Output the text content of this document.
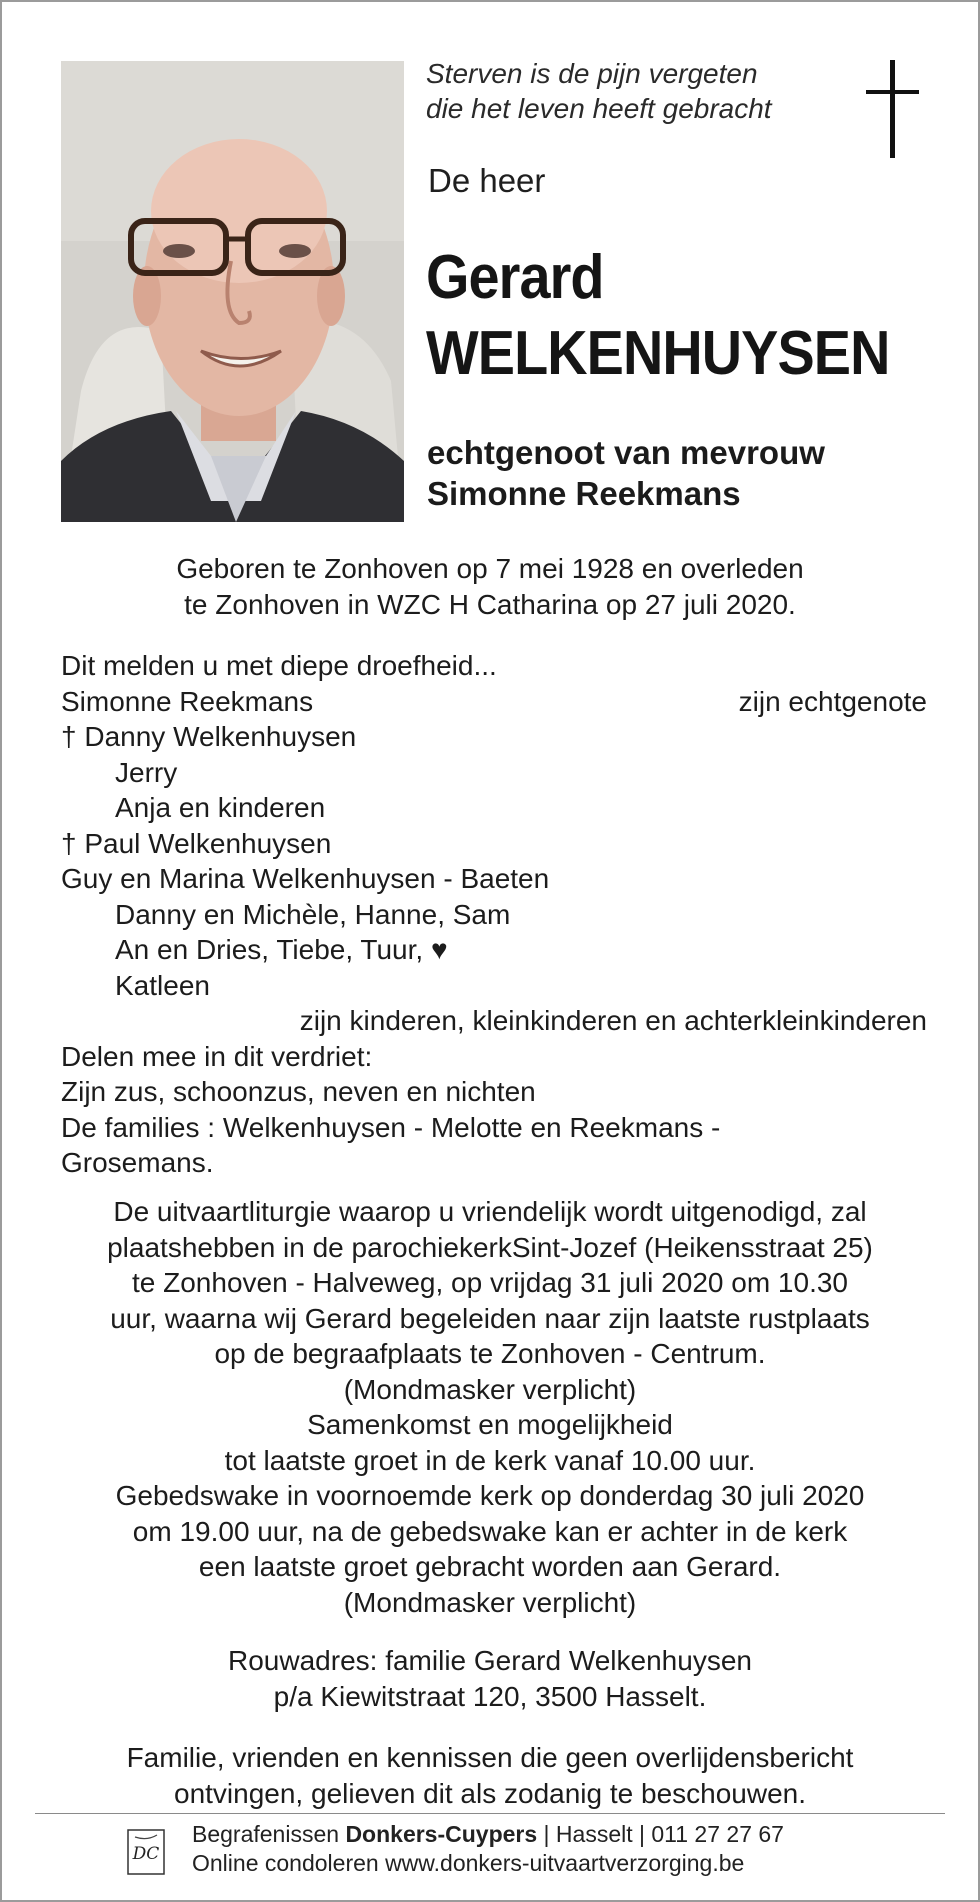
Sterven is de pijn vergeten
die het leven heeft gebracht
De heer
Gerard
WELKENHUYSEN
echtgenoot van mevrouw
Simonne Reekmans
Geboren te Zonhoven op 7 mei 1928 en overleden
te Zonhoven in WZC H Catharina op 27 juli 2020.
Dit melden u met diepe droefheid...
Simonne Reekmans	zijn echtgenote
† Danny Welkenhuysen
Jerry
Anja en kinderen
† Paul Welkenhuysen
Guy en Marina Welkenhuysen - Baeten
Danny en Michèle, Hanne, Sam
An en Dries, Tiebe, Tuur, ♥
Katleen
zijn kinderen, kleinkinderen en achterkleinkinderen
Delen mee in dit verdriet:
Zijn zus, schoonzus, neven en nichten
De families : Welkenhuysen - Melotte en Reekmans -
Grosemans.
De uitvaartliturgie waarop u vriendelijk wordt uitgenodigd, zal
plaatshebben in de parochiekerkSint-Jozef (Heikensstraat 25)
te Zonhoven - Halveweg, op vrijdag 31 juli 2020 om 10.30
uur, waarna wij Gerard begeleiden naar zijn laatste rustplaats
op de begraafplaats te Zonhoven - Centrum.
(Mondmasker verplicht)
Samenkomst en mogelijkheid
tot laatste groet in de kerk vanaf 10.00 uur.
Gebedswake in voornoemde kerk op donderdag 30 juli 2020
om 19.00 uur, na de gebedswake kan er achter in de kerk
een laatste groet gebracht worden aan Gerard.
(Mondmasker verplicht)
Rouwadres: familie Gerard Welkenhuysen
p/a Kiewitstraat 120, 3500 Hasselt.
Familie, vrienden en kennissen die geen overlijdensbericht
ontvingen, gelieven dit als zodanig te beschouwen.
DC
Begrafenissen Donkers-Cuypers | Hasselt | 011 27 27 67
Online condoleren www.donkers-uitvaartverzorging.be
